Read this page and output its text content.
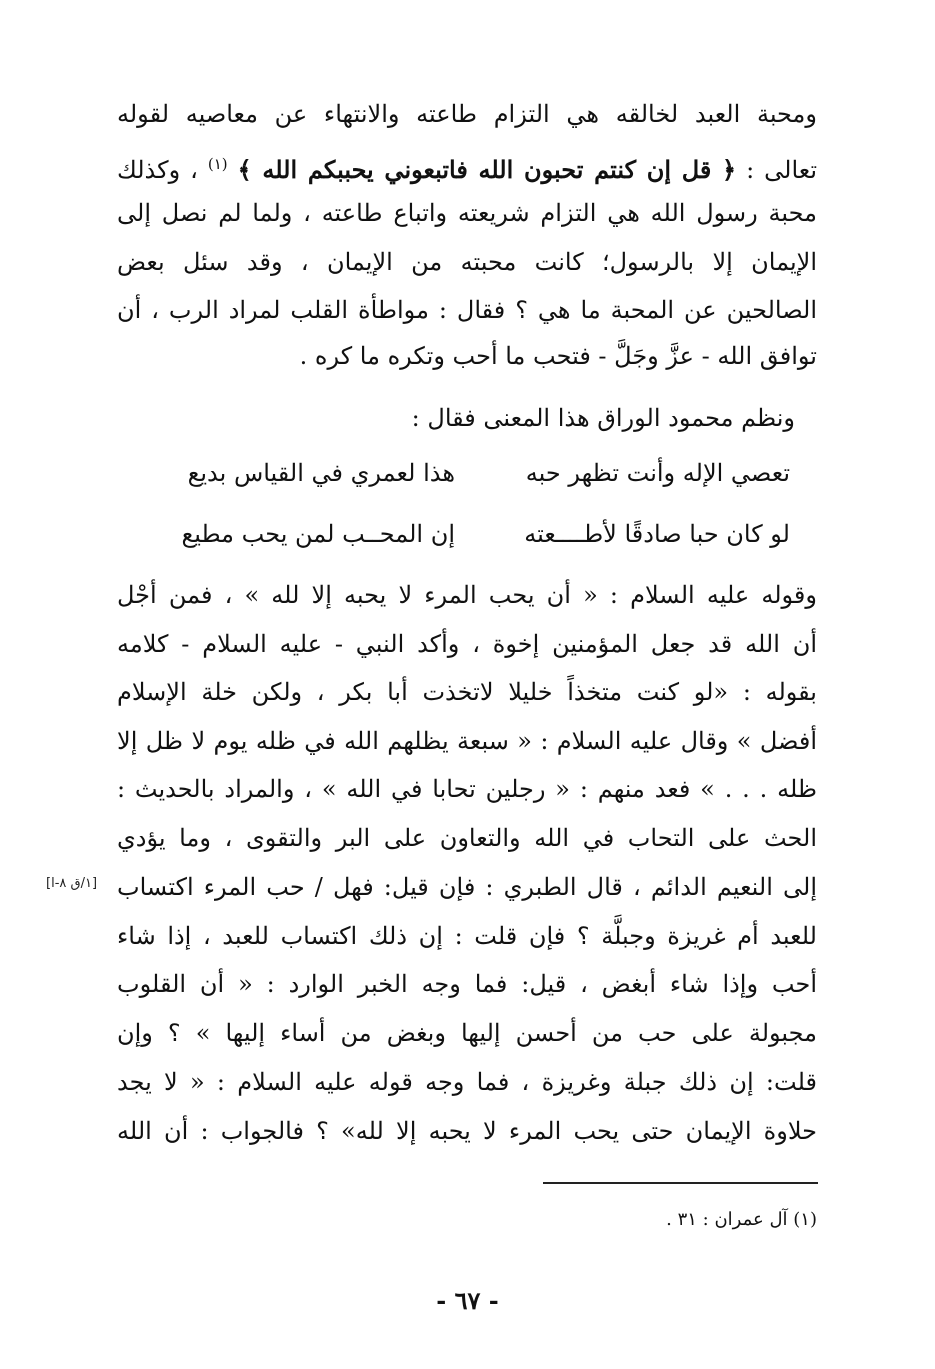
ومحبة العبد لخالقه هي التزام طاعته والانتهاء عن معاصيه لقوله
تعالى : ﴿ قل إن كنتم تحبون الله فاتبعوني يحببكم الله ﴾ $^{(١)}$ ، وكذلك
محبة رسول الله هي التزام شريعته واتباع طاعته ، ولما لم نصل إلى
الإيمان إلا بالرسول؛ كانت محبته من الإيمان ، وقد سئل بعض
الصالحين عن المحبة ما هي ؟ فقال : مواطأة القلب لمراد الرب ، أن
توافق الله - عزَّ وجَلَّ - فتحب ما أحب وتكره ما كره .
ونظم محمود الوراق هذا المعنى فقال :
تعصي الإله وأنت تظهر حبه
هذا لعمري في القياس بديع
لو كان حبا صادقًا لأطــــعته
إن المحــب لمن يحب مطيع
وقوله عليه السلام : « أن يحب المرء لا يحبه إلا لله » ، فمن أجْل
أن الله قد جعل المؤمنين إخوة ، وأكد النبي - عليه السلام - كلامه
بقوله : «لو كنت متخذاً خليلا لاتخذت أبا بكر ، ولكن خلة الإسلام
أفضل » وقال عليه السلام : « سبعة يظلهم الله في ظله يوم لا ظل إلا
ظله . . . » فعد منهم : « رجلين تحابا في الله » ، والمراد بالحديث :
الحث على التحاب في الله والتعاون على البر والتقوى ، وما يؤدي
إلى النعيم الدائم ، قال الطبري : فإن قيل: فهل / حب المرء اكتساب
للعبد أم غريزة وجبلَّة ؟ فإن قلت : إن ذلك اكتساب للعبد ، إذا شاء
أحب وإذا شاء أبغض ، قيل: فما وجه الخبر الوارد : « أن القلوب
مجبولة على حب من أحسن إليها وبغض من أساء إليها » ؟ وإن
قلت: إن ذلك جبلة وغريزة ، فما وجه قوله عليه السلام : « لا يجد
حلاوة الإيمان حتى يحب المرء لا يحبه إلا لله» ؟ فالجواب : أن الله
[١/ق ٨-ا]
(١) آل عمران : ٣١ .
- ٦٧ -
